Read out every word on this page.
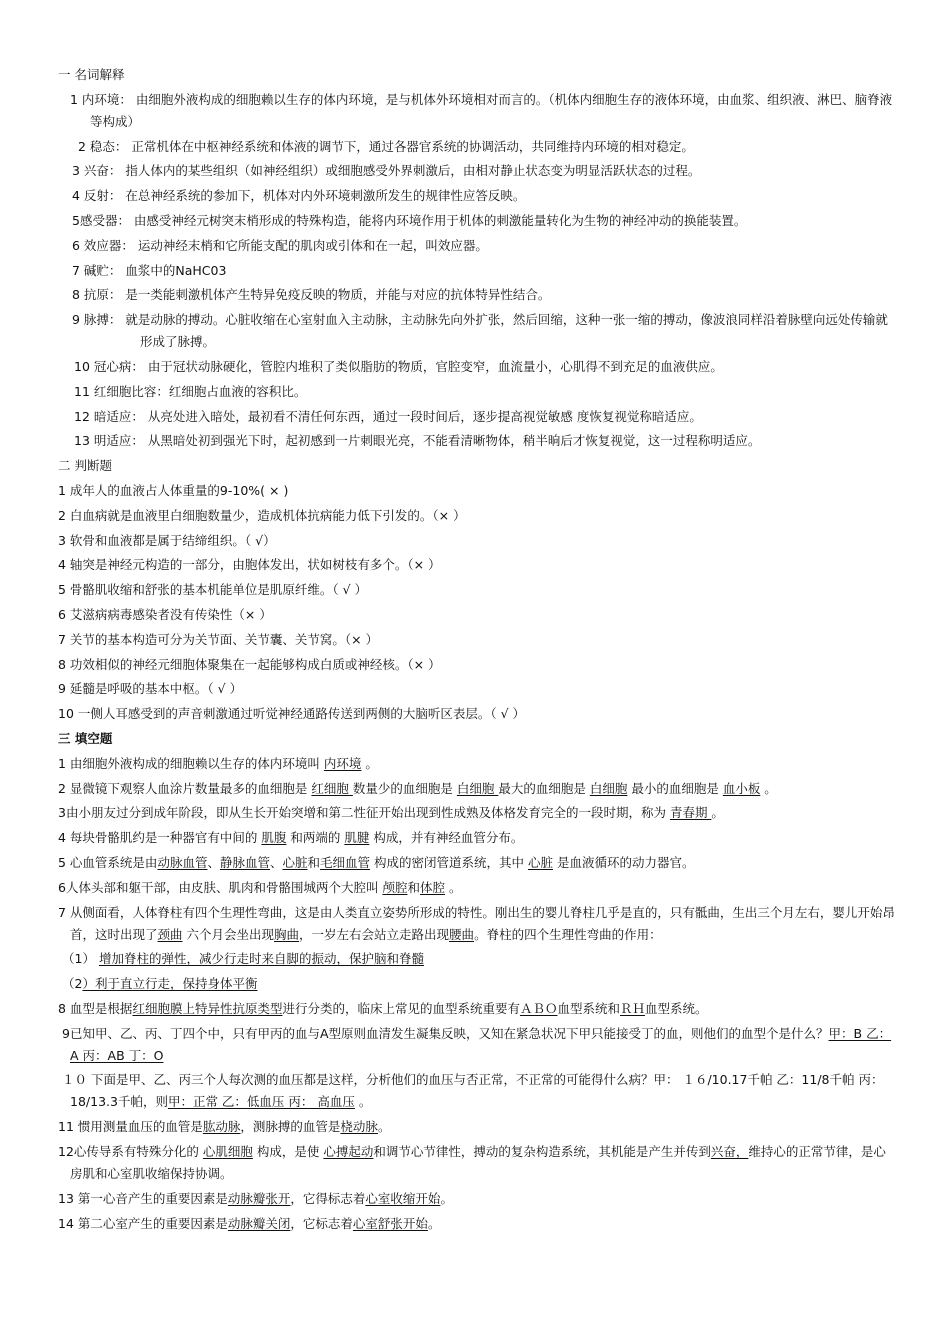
一 名词解释
1 内环境： 由细胞外液构成的细胞赖以生存的体内环境，是与机体外环境相对而言的。（机体内细胞生存的液体环境，由血浆、组织液、淋巴、脑脊液等构成）
2 稳态： 正常机体在中枢神经系统和体液的调节下，通过各器官系统的协调活动，共同维持内环境的相对稳定。
3 兴奋： 指人体内的某些组织（如神经组织）或细胞感受外界刺激后，由相对静止状态变为明显活跃状态的过程。
4 反射： 在总神经系统的参加下，机体对内外环境刺激所发生的规律性应答反映。
5感受器： 由感受神经元树突末梢形成的特殊构造，能将内环境作用于机体的刺激能量转化为生物的神经冲动的换能装置。
6 效应器： 运动神经末梢和它所能支配的肌肉或引体和在一起，叫效应器。
7 碱贮： 血浆中的NaHC03
8 抗原： 是一类能刺激机体产生特异免疫反映的物质，并能与对应的抗体特异性结合。
9 脉搏： 就是动脉的搏动。心脏收缩在心室射血入主动脉，主动脉先向外扩张，然后回缩，这种一张一缩的搏动，像波浪同样沿着脉壁向远处传输就形成了脉搏。
10 冠心病： 由于冠状动脉硬化，管腔内堆积了类似脂肪的物质，官腔变窄，血流量小，心肌得不到充足的血液供应。
11 红细胞比容：红细胞占血液的容积比。
12 暗适应： 从亮处进入暗处，最初看不清任何东西，通过一段时间后，逐步提高视觉敏感 度恢复视觉称暗适应。
13 明适应： 从黑暗处初到强光下时，起初感到一片刺眼光亮，不能看清晰物体，稍半晌后才恢复视觉，这一过程称明适应。
二 判断题
1 成年人的血液占人体重量的9-10%( × )
2 白血病就是血液里白细胞数量少，造成机体抗病能力低下引发的。（× ）
3 软骨和血液都是属于结缔组织。（ √）
4 轴突是神经元构造的一部分，由胞体发出，状如树枝有多个。（× ）
5 骨骼肌收缩和舒张的基本机能单位是肌原纤维。（ √ ）
6 艾滋病病毒感染者没有传染性（× ）
7 关节的基本构造可分为关节面、关节囊、关节窝。（× ）
8 功效相似的神经元细胞体聚集在一起能够构成白质或神经核。（× ）
9 延髓是呼吸的基本中枢。（ √ ）
10 一侧人耳感受到的声音刺激通过听觉神经通路传送到两侧的大脑听区表层。（ √ ）
三 填空题
1 由细胞外液构成的细胞赖以生存的体内环境叫 内环境 。
2 显微镜下观察人血涂片数量最多的血细胞是 红细胞 数量少的血细胞是 白细胞 最大的血细胞是 白细胞 最小的血细胞是 血小板 。
3由小朋友过分到成年阶段，即从生长开始突增和第二性征开始出现到性成熟及体格发育完全的一段时期，称为 青春期 。
4 每块骨骼肌约是一种器官有中间的 肌腹 和两端的 肌腱 构成，并有神经血管分布。
5 心血管系统是由动脉血管、静脉血管、心脏和毛细血管 构成的密闭管道系统，其中 心脏 是血液循环的动力器官。
6人体头部和躯干部，由皮肤、肌肉和骨骼围城两个大腔叫 颅腔和体腔 。
7 从侧面看，人体脊柱有四个生理性弯曲，这是由人类直立姿势所形成的特性。刚出生的婴儿脊柱几乎是直的，只有骶曲，生出三个月左右，婴儿开始昂首，这时出现了颈曲 六个月会坐出现胸曲，一岁左右会站立走路出现腰曲。脊柱的四个生理性弯曲的作用：
（1） 增加脊柱的弹性，减少行走时来自脚的振动，保护脑和脊髓
（2）利于直立行走，保持身体平衡
8 血型是根据红细胞膜上特异性抗原类型进行分类的，临床上常见的血型系统重要有ＡＢＯ血型系统和ＲＨ血型系统。
9已知甲、乙、丙、丁四个中，只有甲丙的血与A型原则血清发生凝集反映，又知在紧急状况下甲只能接受丁的血，则他们的血型个是什么？甲：B 乙：A 丙：AB 丁：O
１０ 下面是甲、乙、丙三个人每次测的血压都是这样，分析他们的血压与否正常，不正常的可能得什么病？甲： １６/10.17千帕 乙：11/8千帕 丙：18/13.3千帕，则甲：正常 乙：低血压 丙： 高血压 。
11 惯用测量血压的血管是肱动脉，测脉搏的血管是桡动脉。
12心传导系有特殊分化的 心肌细胞 构成，是使 心搏起动和调节心节律性，搏动的复杂构造系统，其机能是产生并传到兴奋，维持心的正常节律，是心房肌和心室肌收缩保持协调。
13 第一心音产生的重要因素是动脉瓣张开，它得标志着心室收缩开始。
14 第二心室产生的重要因素是动脉瓣关闭，它标志着心室舒张开始。
